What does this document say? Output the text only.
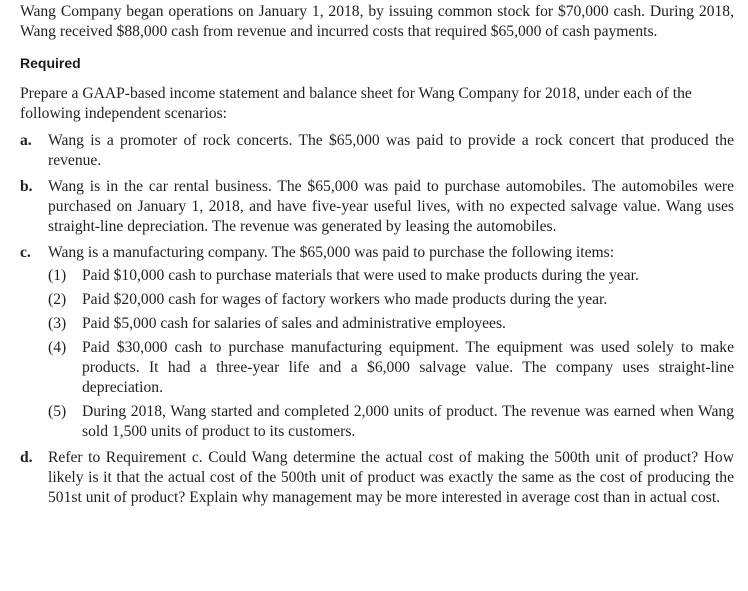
Wang Company began operations on January 1, 2018, by issuing common stock for $70,000 cash. During 2018, Wang received $88,000 cash from revenue and incurred costs that required $65,000 of cash payments.

Required

Prepare a GAAP-based income statement and balance sheet for Wang Company for 2018, under each of the following independent scenarios:

a.	Wang is a promoter of rock concerts. The $65,000 was paid to provide a rock concert that produced the revenue.
b. Wang is in the car rental business. The $65,000 was paid to purchase automobiles. The automobiles were purchased on January 1, 2018, and have five-year useful lives, with no expected salvage value. Wang uses straight-line depreciation. The revenue was generated by leasing the automobiles.
c.	Wang is a manufacturing company. The $65,000 was paid to purchase the following items:
(1)	Paid $10,000 cash to purchase materials that were used to make products during the year.
(2)	Paid $20,000 cash for wages of factory workers who made products during the year.
(3)	Paid $5,000 cash for salaries of sales and administrative employees.
(4)	Paid $30,000 cash to purchase manufacturing equipment. The equipment was used solely to make products. It had a three-year life and a $6,000 salvage value. The company uses straight-line depreciation.
(5)	During 2018, Wang started and completed 2,000 units of product. The revenue was earned when Wang sold 1,500 units of product to its customers.
d. Refer to Requirement c. Could Wang determine the actual cost of making the 500th unit of product? How likely is it that the actual cost of the 500th unit of product was exactly the same as the cost of producing the 501st unit of product? Explain why management may be more interested in average cost than in actual cost.
